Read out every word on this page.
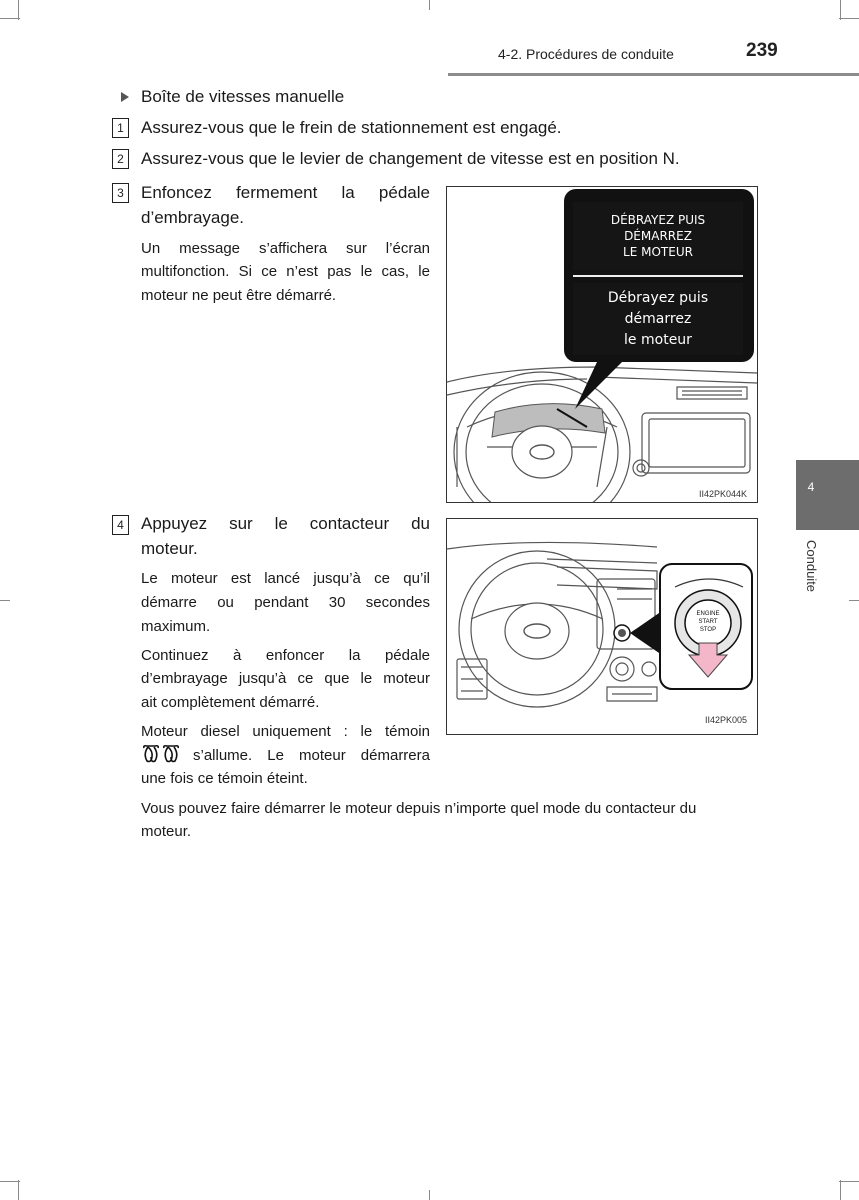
4-2. Procédures de conduite	239
4
Conduite
Boîte de vitesses manuelle
1	Assurez-vous que le frein de stationnement est engagé.
2	Assurez-vous que le levier de changement de vitesse est en position N.
3	Enfoncez fermement la pédale
d’embrayage.
Un message s’affichera sur l’écran
multifonction. Si ce n’est pas le cas, le
moteur ne peut être démarré.
DÉBRAYEZ PUIS
DÉMARREZ
LE MOTEUR
Débrayez puis
démarrez
le moteur
II42PK044K
4	Appuyez sur le contacteur du
moteur.
Le moteur est lancé jusqu’à ce qu’il
démarre ou pendant 30 secondes
maximum.
Continuez à enfoncer la pédale
d’embrayage jusqu’à ce que le moteur
ait complètement démarré.
Moteur diesel uniquement : le témoin
s’allume. Le moteur démarrera
une fois ce témoin éteint.
ENGINE
START
STOP
II42PK005
Vous pouvez faire démarrer le moteur depuis n’importe quel mode du contacteur du
moteur.
